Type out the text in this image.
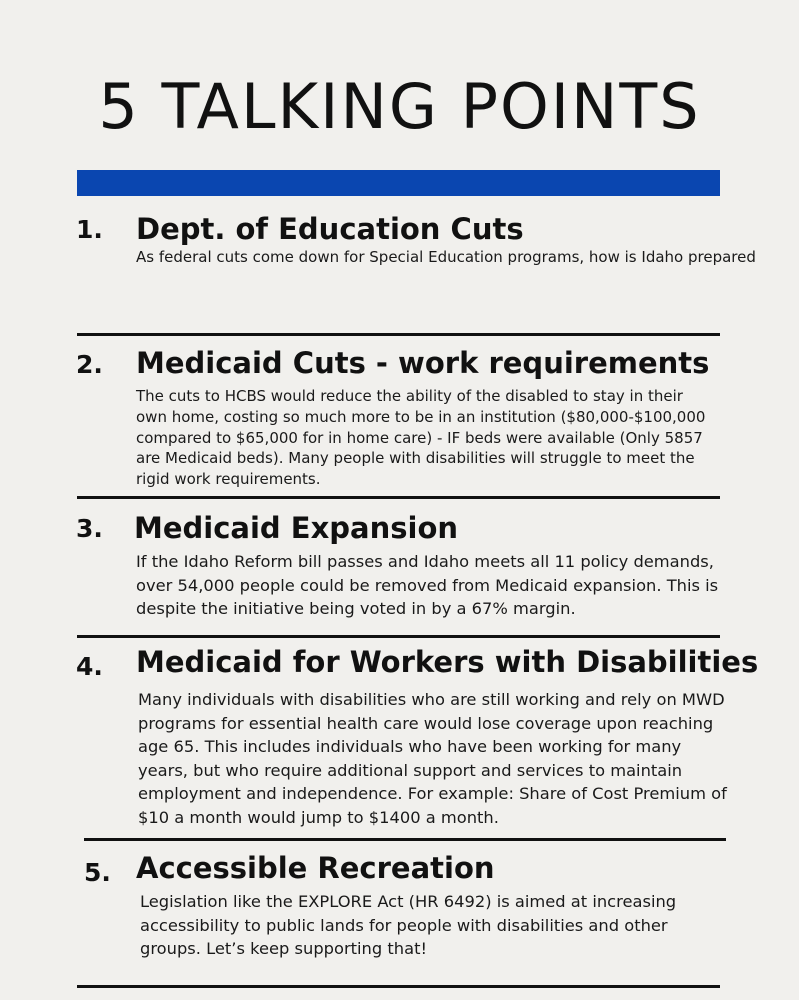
5 TALKING POINTS
1. Dept. of Education Cuts
As federal cuts come down for Special Education programs, how is Idaho prepared
2. Medicaid Cuts - work requirements
The cuts to HCBS would reduce the ability of the disabled to stay in their own home, costing so much more to be in an institution ($80,000-$100,000 compared to $65,000 for in home care) - IF beds were available (Only 5857 are Medicaid beds). Many people with disabilities will struggle to meet the rigid work requirements.
3. Medicaid Expansion
If the Idaho Reform bill passes and Idaho meets all 11 policy demands, over 54,000 people could be removed from Medicaid expansion. This is despite the initiative being voted in by a 67% margin.
4. Medicaid for Workers with Disabilities
Many individuals with disabilities who are still working and rely on MWD programs for essential health care would lose coverage upon reaching age 65. This includes individuals who have been working for many years, but who require additional support and services to maintain employment and independence. For example: Share of Cost Premium of $10 a month would jump to $1400 a month.
5. Accessible Recreation
Legislation like the EXPLORE Act (HR 6492) is aimed at increasing accessibility to public lands for people with disabilities and other groups. Let’s keep supporting that!
